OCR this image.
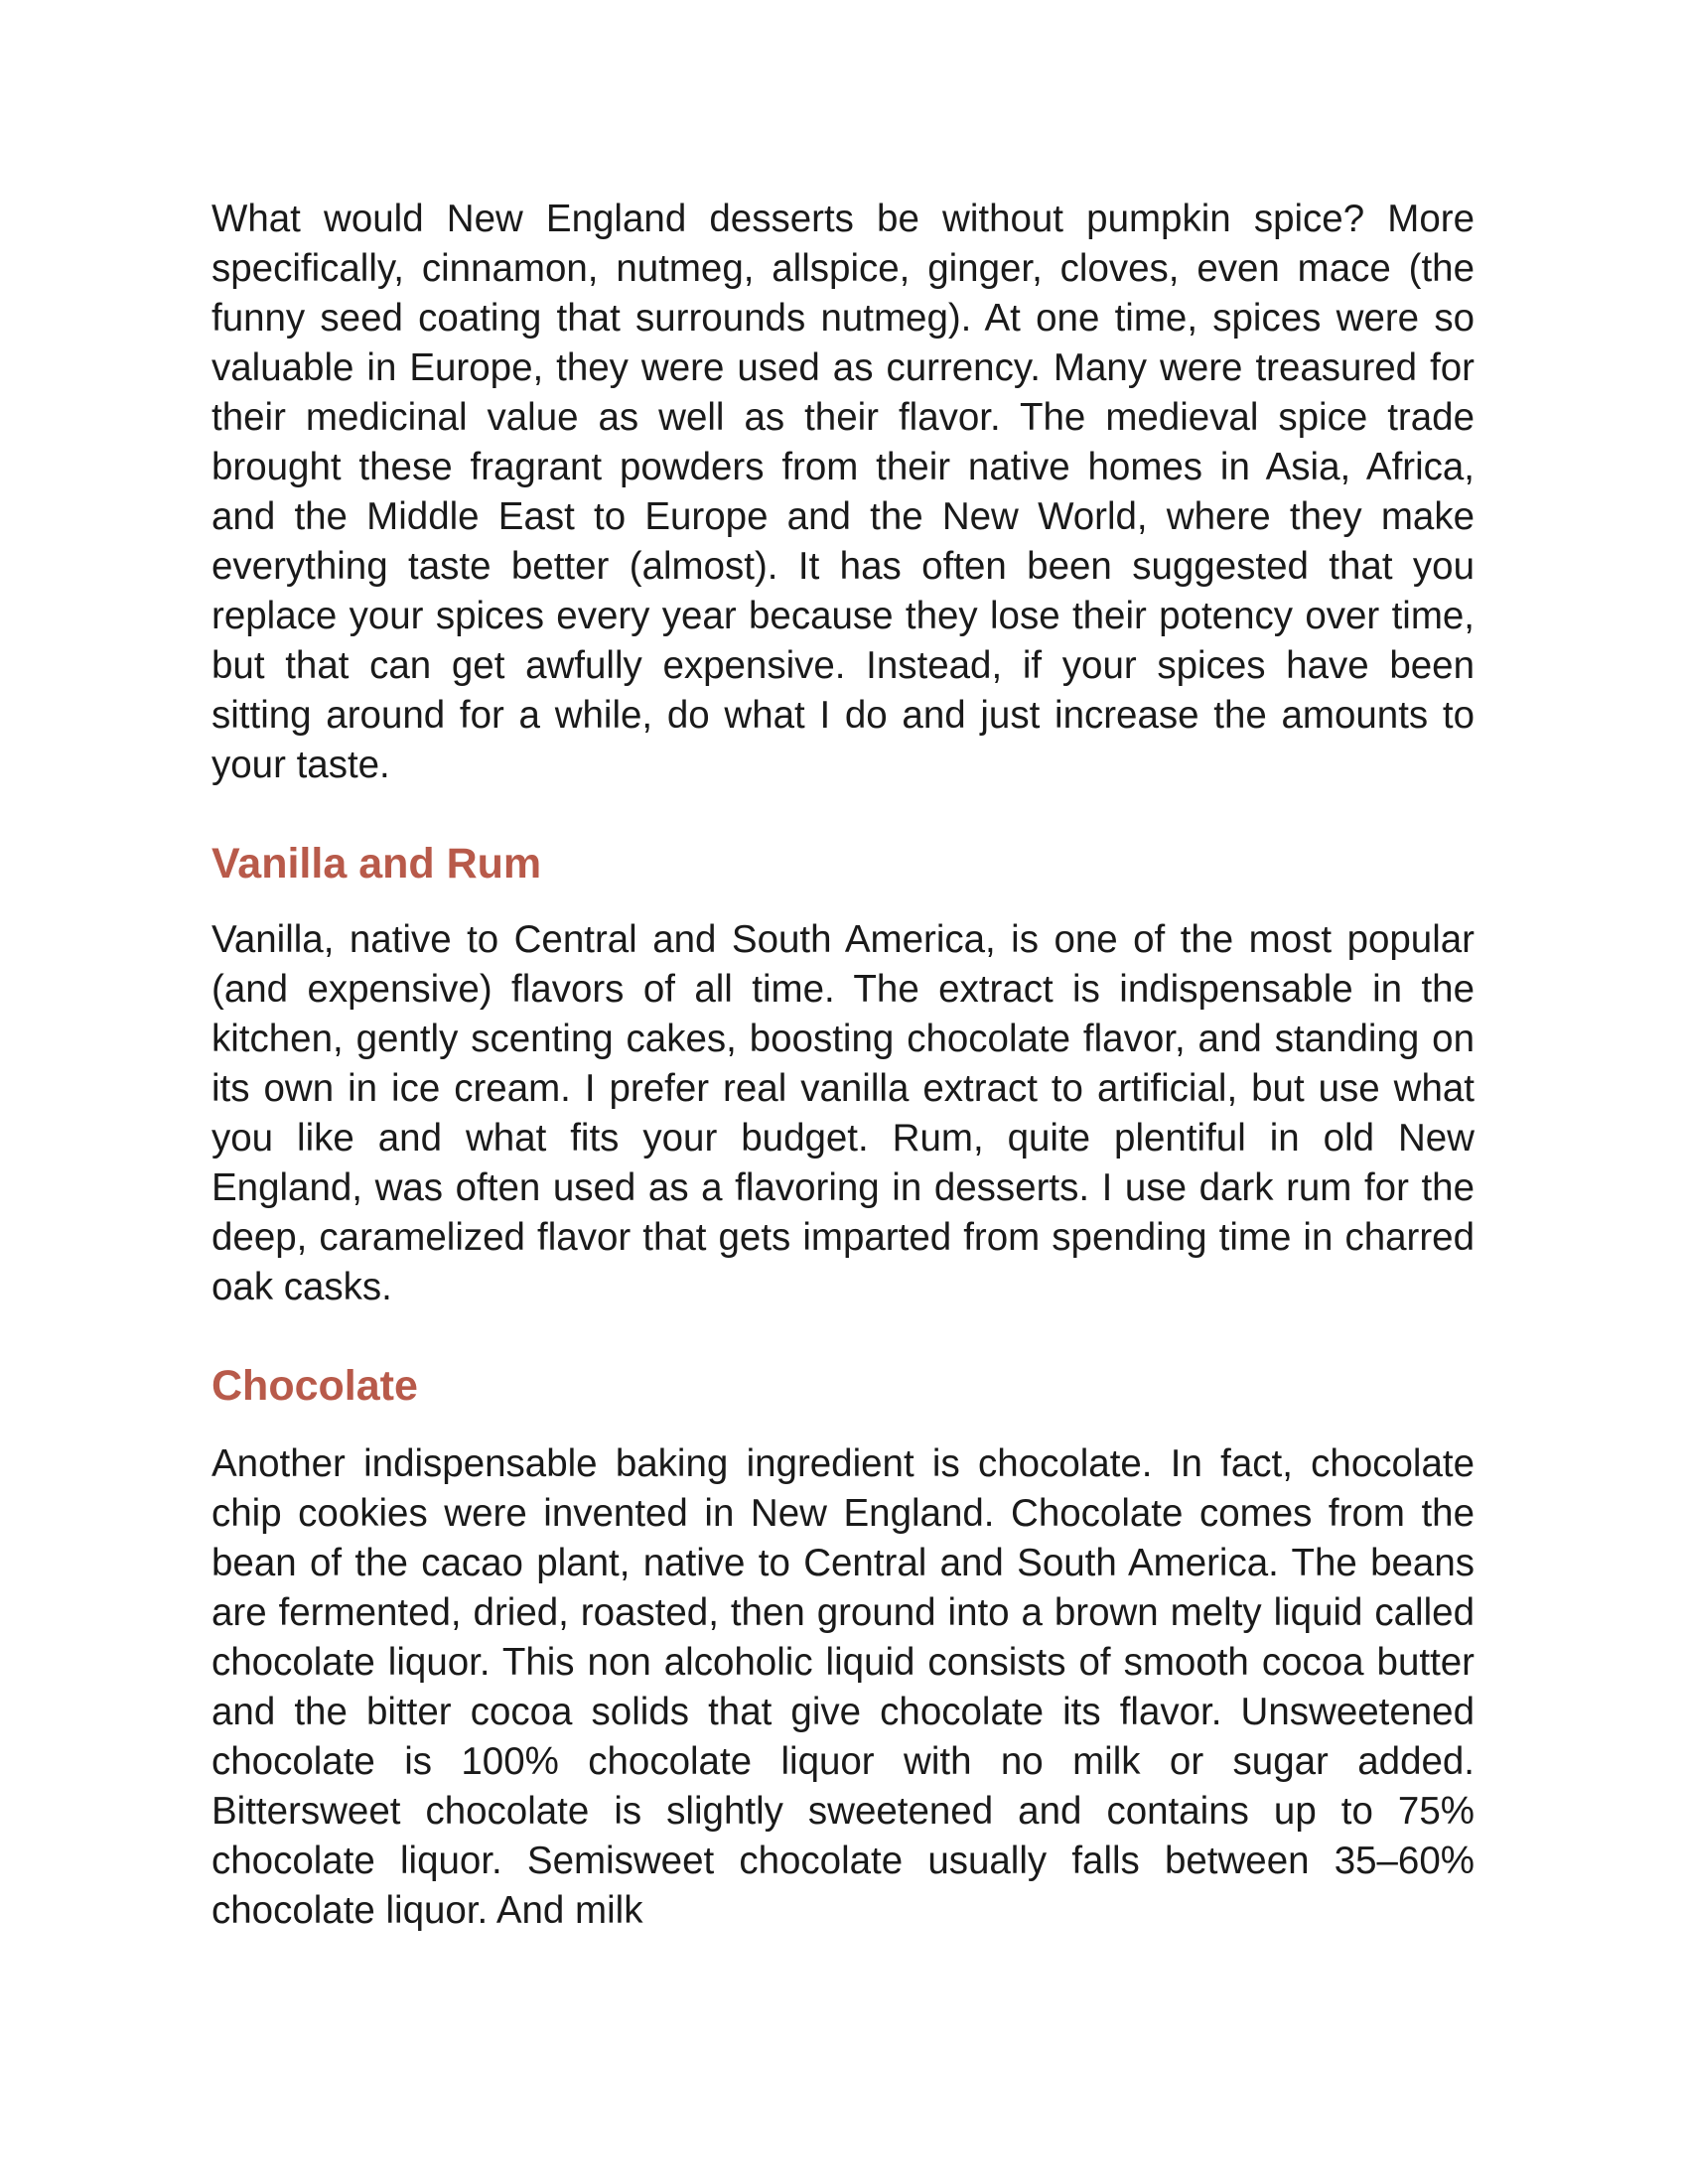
What would New England desserts be without pumpkin spice? More specifically, cinnamon, nutmeg, allspice, ginger, cloves, even mace (the funny seed coating that surrounds nutmeg). At one time, spices were so valuable in Europe, they were used as currency. Many were treasured for their medicinal value as well as their flavor. The medieval spice trade brought these fragrant powders from their native homes in Asia, Africa, and the Middle East to Europe and the New World, where they make everything taste better (almost). It has often been suggested that you replace your spices every year because they lose their potency over time, but that can get awfully expensive. Instead, if your spices have been sitting around for a while, do what I do and just increase the amounts to your taste.

Vanilla and Rum

Vanilla, native to Central and South America, is one of the most popular (and expensive) flavors of all time. The extract is indispensable in the kitchen, gently scenting cakes, boosting chocolate flavor, and standing on its own in ice cream. I prefer real vanilla extract to artificial, but use what you like and what fits your budget. Rum, quite plentiful in old New England, was often used as a flavoring in desserts. I use dark rum for the deep, caramelized flavor that gets imparted from spending time in charred oak casks.

Chocolate

Another indispensable baking ingredient is chocolate. In fact, chocolate chip cookies were invented in New England. Chocolate comes from the bean of the cacao plant, native to Central and South America. The beans are fermented, dried, roasted, then ground into a brown melty liquid called chocolate liquor. This non alcoholic liquid consists of smooth cocoa butter and the bitter cocoa solids that give chocolate its flavor. Unsweetened chocolate is 100% chocolate liquor with no milk or sugar added. Bittersweet chocolate is slightly sweetened and contains up to 75% chocolate liquor. Semisweet chocolate usually falls between 35–60% chocolate liquor. And milk
